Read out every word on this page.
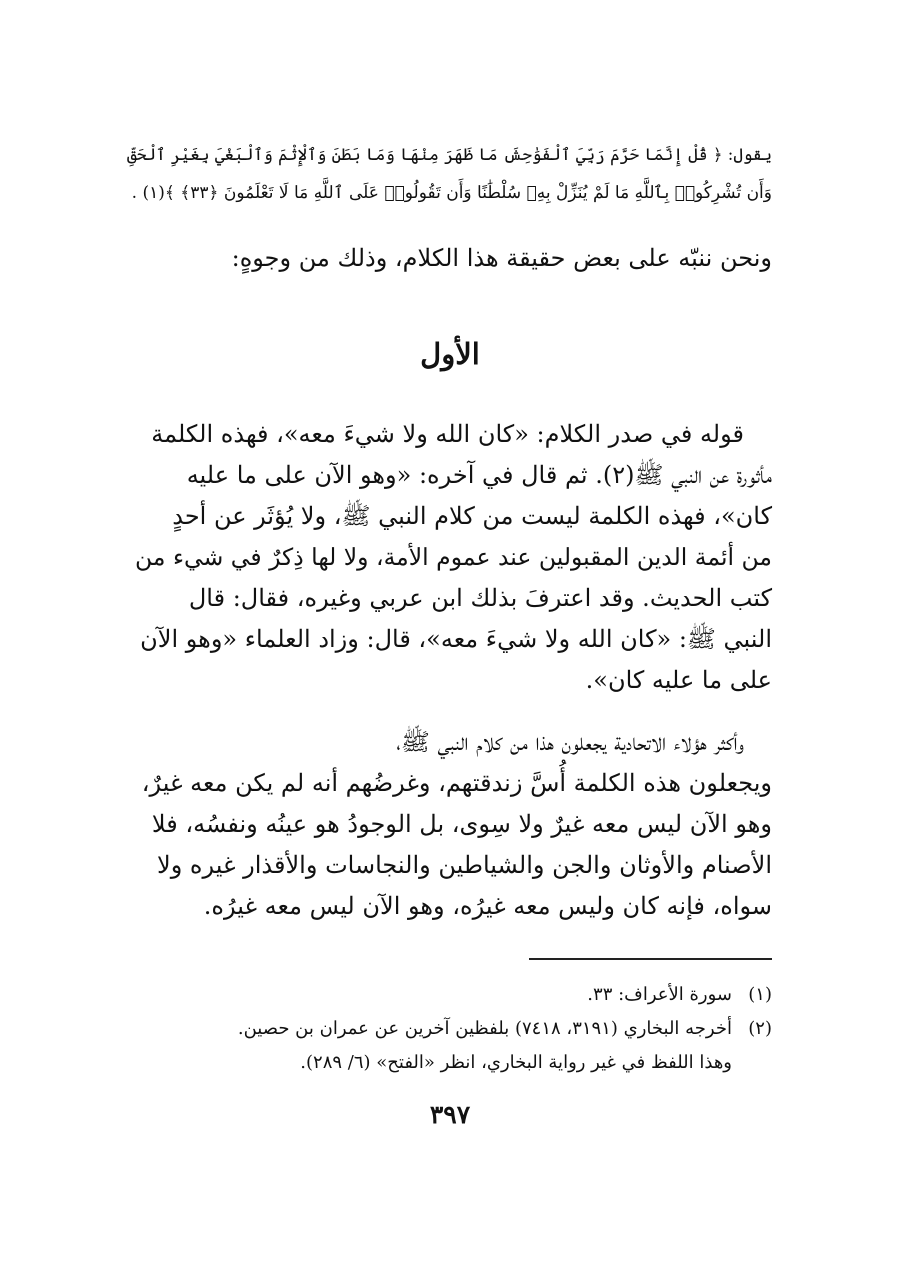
يقول: ﴿ قُلْ إِنَّمَا حَرَّمَ رَبِّيَ ٱلْفَوَٰحِشَ مَا ظَهَرَ مِنْهَا وَمَا بَطَنَ وَٱلْإِثْمَ وَٱلْبَغْيَ بِغَيْرِ ٱلْحَقِّ
وَأَن تُشْرِكُوا۟ بِٱللَّهِ مَا لَمْ يُنَزِّلْ بِهِۦ سُلْطَٰنًا وَأَن تَقُولُوا۟ عَلَى ٱللَّهِ مَا لَا تَعْلَمُونَ ﴿٣٣﴾ ﴾(١) .
ونحن ننبّه على بعض حقيقة هذا الكلام، وذلك من وجوهٍ:
الأول
قوله في صدر الكلام: «كان الله ولا شيءَ معه»، فهذه الكلمة
مأثورة عن النبي ﷺ(٢). ثم قال في آخره: «وهو الآن على ما عليه
كان»، فهذه الكلمة ليست من كلام النبي ﷺ، ولا يُؤثَر عن أحدٍ
من أئمة الدين المقبولين عند عموم الأمة، ولا لها ذِكرٌ في شيء من
كتب الحديث. وقد اعترفَ بذلك ابن عربي وغيره، فقال: قال
النبي ﷺ: «كان الله ولا شيءَ معه»، قال: وزاد العلماء «وهو الآن
على ما عليه كان».
وأكثر هؤلاء الاتحادية يجعلون هذا من كلام النبي ﷺ،
ويجعلون هذه الكلمة أُسَّ زندقتهم، وغرضُهم أنه لم يكن معه غيرٌ،
وهو الآن ليس معه غيرٌ ولا سِوى، بل الوجودُ هو عينُه ونفسُه، فلا
الأصنام والأوثان والجن والشياطين والنجاسات والأقذار غيره ولا
سواه، فإنه كان وليس معه غيرُه، وهو الآن ليس معه غيرُه.
(١)سورة الأعراف: ٣٣.
(٢)أخرجه البخاري (٣١٩١، ٧٤١٨) بلفظين آخرين عن عمران بن حصين.
وهذا اللفظ في غير رواية البخاري، انظر «الفتح» (٦/ ٢٨٩).
٣٩٧
